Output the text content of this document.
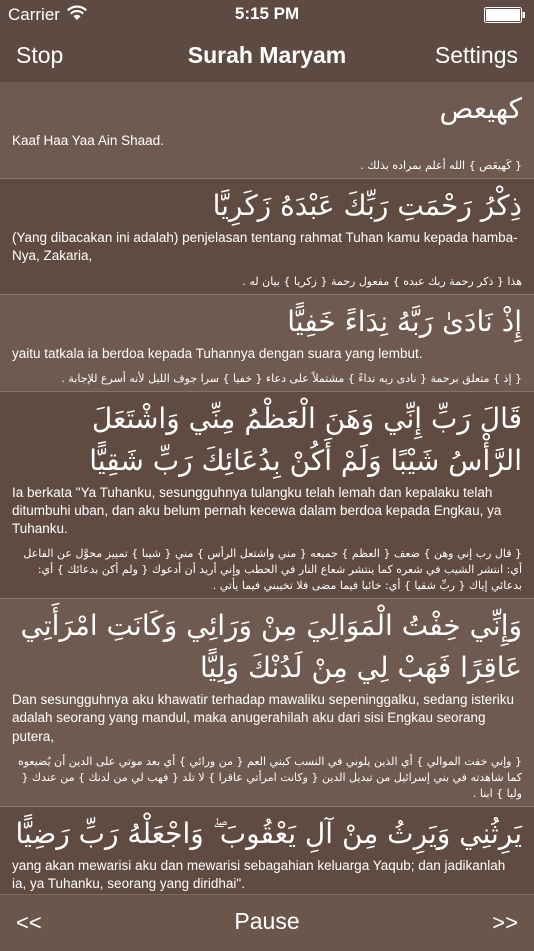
Carrier	5:15 PM
Stop	Surah Maryam	Settings
كهيعص
Kaaf Haa Yaa Ain Shaad.
{ كَهيعَص } الله أعلم بمراده بذلك .
ذِكْرُ رَحْمَتِ رَبِّكَ عَبْدَهُ زَكَرِيَّا
(Yang dibacakan ini adalah) penjelasan tentang rahmat Tuhan kamu kepada hamba-Nya, Zakaria,
هذا { ذكر رحمة ربك عبده } مفعول رحمة { زكريا } بيان له .
إِذْ نَادَىٰ رَبَّهُ نِدَاءً خَفِيًّا
yaitu tatkala ia berdoa kepada Tuhannya dengan suara yang lembut.
{ إذ } متعلق برحمة { نادى ربه نداءً } مشتملاً على دعاء { خفيا } سرا جوف الليل لأنه أسرع للإجابة .
قَالَ رَبِّ إِنِّي وَهَنَ الْعَظْمُ مِنِّي وَاشْتَعَلَ الرَّأْسُ شَيْبًا وَلَمْ أَكُنْ بِدُعَائِكَ رَبِّ شَقِيًّا
Ia berkata "Ya Tuhanku, sesungguhnya tulangku telah lemah dan kepalaku telah ditumbuhi uban, dan aku belum pernah kecewa dalam berdoa kepada Engkau, ya Tuhanku.
{ قال رب إني وهن } ضعف { العظم } جميعه { مني واشتعل الرأس } مني { شيبا } تمييز محوَّل عن الفاعل أي: انتشر الشيب في شعره كما ينتشر شعاع النار في الحطب وإني أريد أن أدعوك { ولم أكن بدعائك } أي: بدعائي إياك { ربِّ شقيا } أي: خائبا فيما مضى فلا تخيبني فيما يأتي .
وَإِنِّي خِفْتُ الْمَوَالِيَ مِنْ وَرَائِي وَكَانَتِ امْرَأَتِي عَاقِرًا فَهَبْ لِي مِنْ لَدُنْكَ وَلِيًّا
Dan sesungguhnya aku khawatir terhadap mawaliku sepeninggalku, sedang isteriku adalah seorang yang mandul, maka anugerahilah aku dari sisi Engkau seorang putera,
{ وإني خفت الموالي } أي الذين يلوني في النسب كبني العم { من ورائي } أي بعد موتي على الدين أن يُضيعوه كما شاهدته في بني إسرائيل من تبديل الدين { وكانت امرأتي عاقرا } لا تلد { فهب لي من لدنك } من عندك { وليا } ابنا .
يَرِثُنِي وَيَرِثُ مِنْ آلِ يَعْقُوبَ ۖ وَاجْعَلْهُ رَبِّ رَضِيًّا
yang akan mewarisi aku dan mewarisi sebagahian keluarga Yaqub; dan jadikanlah ia, ya Tuhanku, seorang yang diridhai".
<<	Pause	>>
